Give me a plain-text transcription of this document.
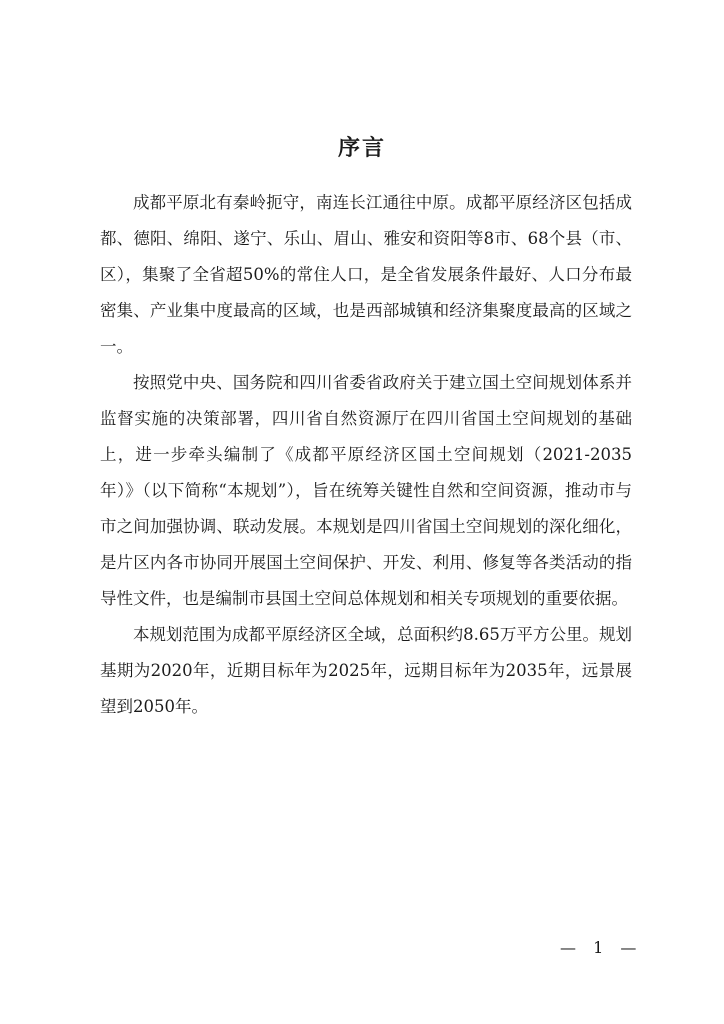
序言

成都平原北有秦岭扼守，南连长江通往中原。成都平原经济区包括成都、德阳、绵阳、遂宁、乐山、眉山、雅安和资阳等8市、68个县（市、区），集聚了全省超50%的常住人口，是全省发展条件最好、人口分布最密集、产业集中度最高的区域，也是西部城镇和经济集聚度最高的区域之一。

按照党中央、国务院和四川省委省政府关于建立国土空间规划体系并监督实施的决策部署，四川省自然资源厅在四川省国土空间规划的基础上，进一步牵头编制了《成都平原经济区国土空间规划（2021-2035年）》（以下简称“本规划”），旨在统筹关键性自然和空间资源，推动市与市之间加强协调、联动发展。本规划是四川省国土空间规划的深化细化，是片区内各市协同开展国土空间保护、开发、利用、修复等各类活动的指导性文件，也是编制市县国土空间总体规划和相关专项规划的重要依据。

本规划范围为成都平原经济区全域，总面积约8.65万平方公里。规划基期为2020年，近期目标年为2025年，远期目标年为2035年，远景展望到2050年。

— 1 —
